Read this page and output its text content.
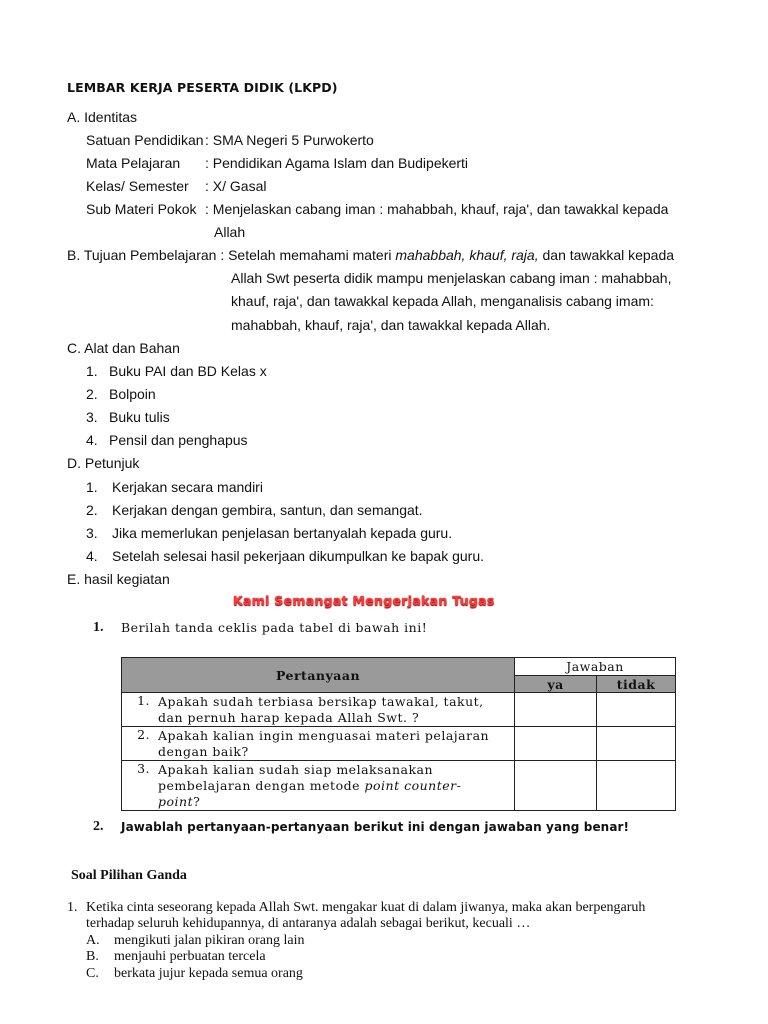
LEMBAR KERJA PESERTA DIDIK (LKPD)
A. Identitas
Satuan Pendidikan : SMA Negeri 5 Purwokerto
Mata Pelajaran : Pendidikan Agama Islam dan Budipekerti
Kelas/ Semester : X/ Gasal
Sub Materi Pokok : Menjelaskan cabang iman : mahabbah, khauf, raja', dan tawakkal kepada
Allah
B. Tujuan Pembelajaran : Setelah memahami materi mahabbah, khauf, raja, dan tawakkal kepada
Allah Swt peserta didik mampu menjelaskan cabang iman : mahabbah,
khauf, raja', dan tawakkal kepada Allah, menganalisis cabang imam:
mahabbah, khauf, raja', dan tawakkal kepada Allah.
C. Alat dan Bahan
1. Buku PAI dan BD Kelas x
2. Bolpoin
3. Buku tulis
4. Pensil dan penghapus
D. Petunjuk
1. Kerjakan secara mandiri
2. Kerjakan dengan gembira, santun, dan semangat.
3. Jika memerlukan penjelasan bertanyalah kepada guru.
4. Setelah selesai hasil pekerjaan dikumpulkan ke bapak guru.
E. hasil kegiatan
Kami Semangat Mengerjakan Tugas
1. Berilah tanda ceklis pada tabel di bawah ini!
Pertanyaan	Jawaban	
	ya	tidak
1. Apakah sudah terbiasa bersikap tawakal, takut, dan pernuh harap kepada Allah Swt. ?		
2. Apakah kalian ingin menguasai materi pelajaran dengan baik?		
3. Apakah kalian sudah siap melaksanakan pembelajaran dengan metode point counter-point?		
2. Jawablah pertanyaan-pertanyaan berikut ini dengan jawaban yang benar!
Soal Pilihan Ganda
1. Ketika cinta seseorang kepada Allah Swt. mengakar kuat di dalam jiwanya, maka akan berpengaruh
terhadap seluruh kehidupannya, di antaranya adalah sebagai berikut, kecuali …
A. mengikuti jalan pikiran orang lain
B. menjauhi perbuatan tercela
C. berkata jujur kepada semua orang
